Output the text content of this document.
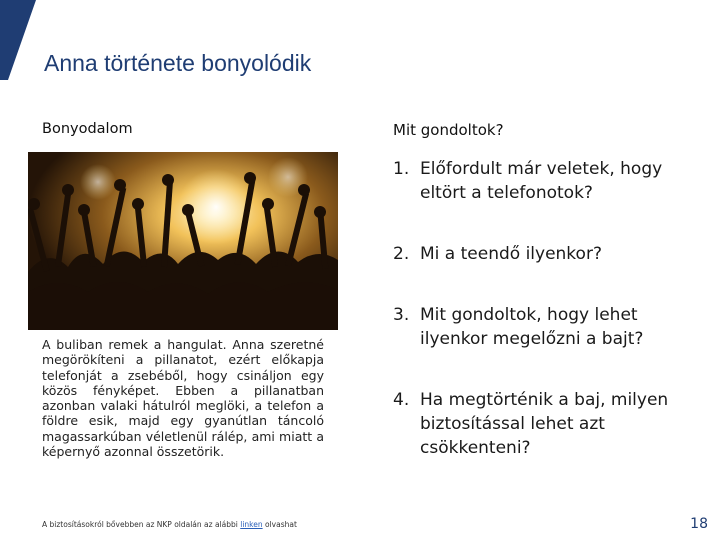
Anna története bonyolódik
Bonyodalom	Mit gondoltok?
A buliban remek a hangulat. Anna szeretné megörökíteni a pillanatot, ezért előkapja telefonját a zsebéből, hogy csináljon egy közös fényképet. Ebben a pillanatban azonban valaki hátulról meglöki, a telefon a földre esik, majd egy gyanútlan táncoló magassarkúban véletlenül rálép, ami miatt a képernyő azonnal összetörik.
1. Előfordult már veletek, hogy eltört a telefonotok?
2. Mi a teendő ilyenkor?
3. Mit gondoltok, hogy lehet ilyenkor megelőzni a bajt?
4. Ha megtörténik a baj, milyen biztosítással lehet azt csökkenteni?
A biztosításokról bővebben az NKP oldalán az alábbi linken olvashat	18
